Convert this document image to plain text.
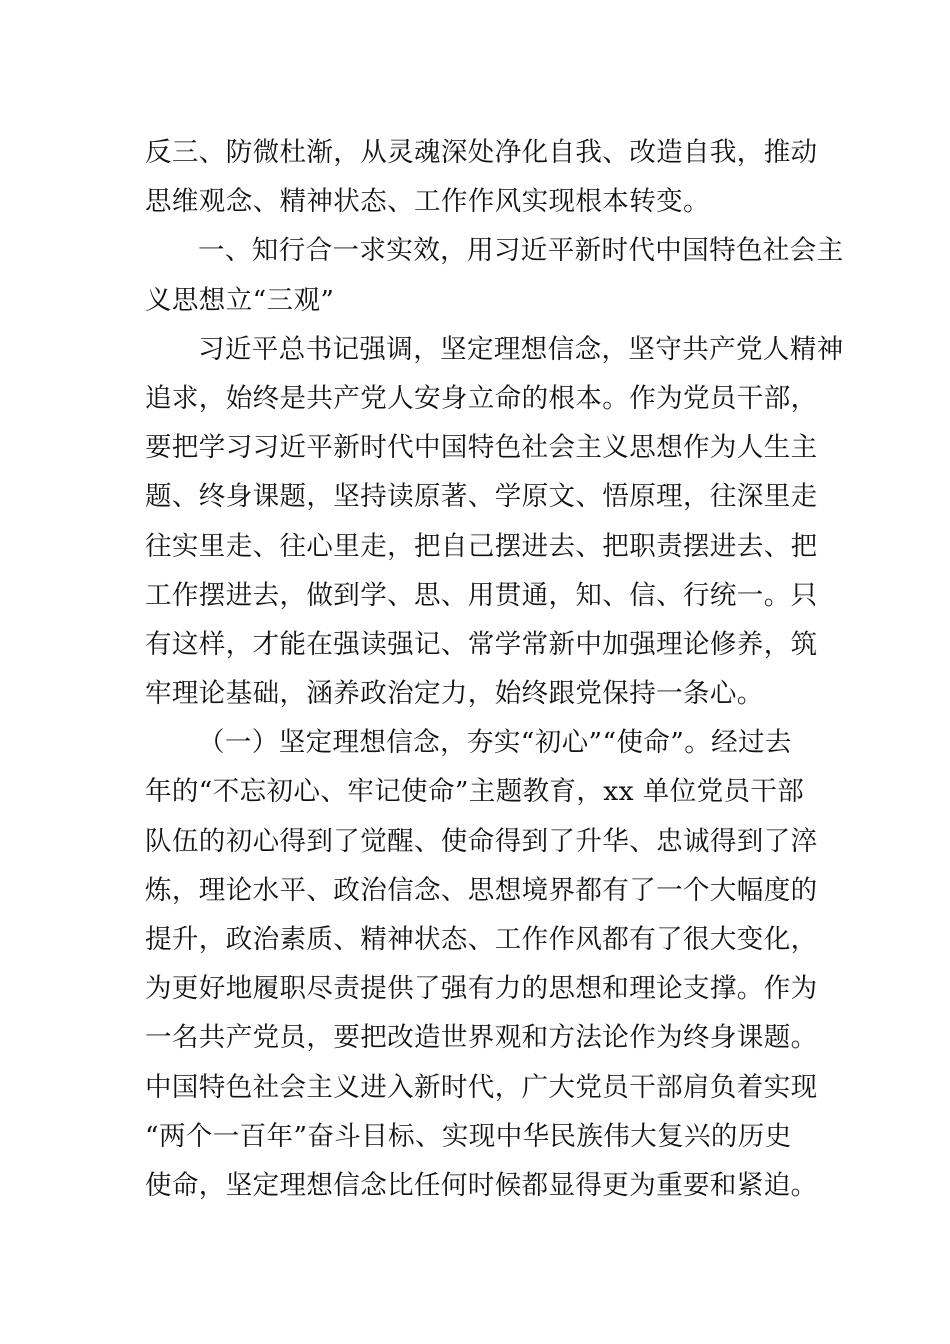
反三、防微杜渐，从灵魂深处净化自我、改造自我，推动
思维观念、精神状态、工作作风实现根本转变。
一、知行合一求实效，用习近平新时代中国特色社会主
义思想立“三观”
习近平总书记强调，坚定理想信念，坚守共产党人精神
追求，始终是共产党人安身立命的根本。作为党员干部，
要把学习习近平新时代中国特色社会主义思想作为人生主
题、终身课题，坚持读原著、学原文、悟原理，往深里走
往实里走、往心里走，把自己摆进去、把职责摆进去、把
工作摆进去，做到学、思、用贯通，知、信、行统一。只
有这样，才能在强读强记、常学常新中加强理论修养，筑
牢理论基础，涵养政治定力，始终跟党保持一条心。
（一）坚定理想信念，夯实“初心”“使命”。经过去
年的“不忘初心、牢记使命”主题教育，xx 单位党员干部
队伍的初心得到了觉醒、使命得到了升华、忠诚得到了淬
炼，理论水平、政治信念、思想境界都有了一个大幅度的
提升，政治素质、精神状态、工作作风都有了很大变化，
为更好地履职尽责提供了强有力的思想和理论支撑。作为
一名共产党员，要把改造世界观和方法论作为终身课题。
中国特色社会主义进入新时代，广大党员干部肩负着实现
“两个一百年”奋斗目标、实现中华民族伟大复兴的历史
使命，坚定理想信念比任何时候都显得更为重要和紧迫。
